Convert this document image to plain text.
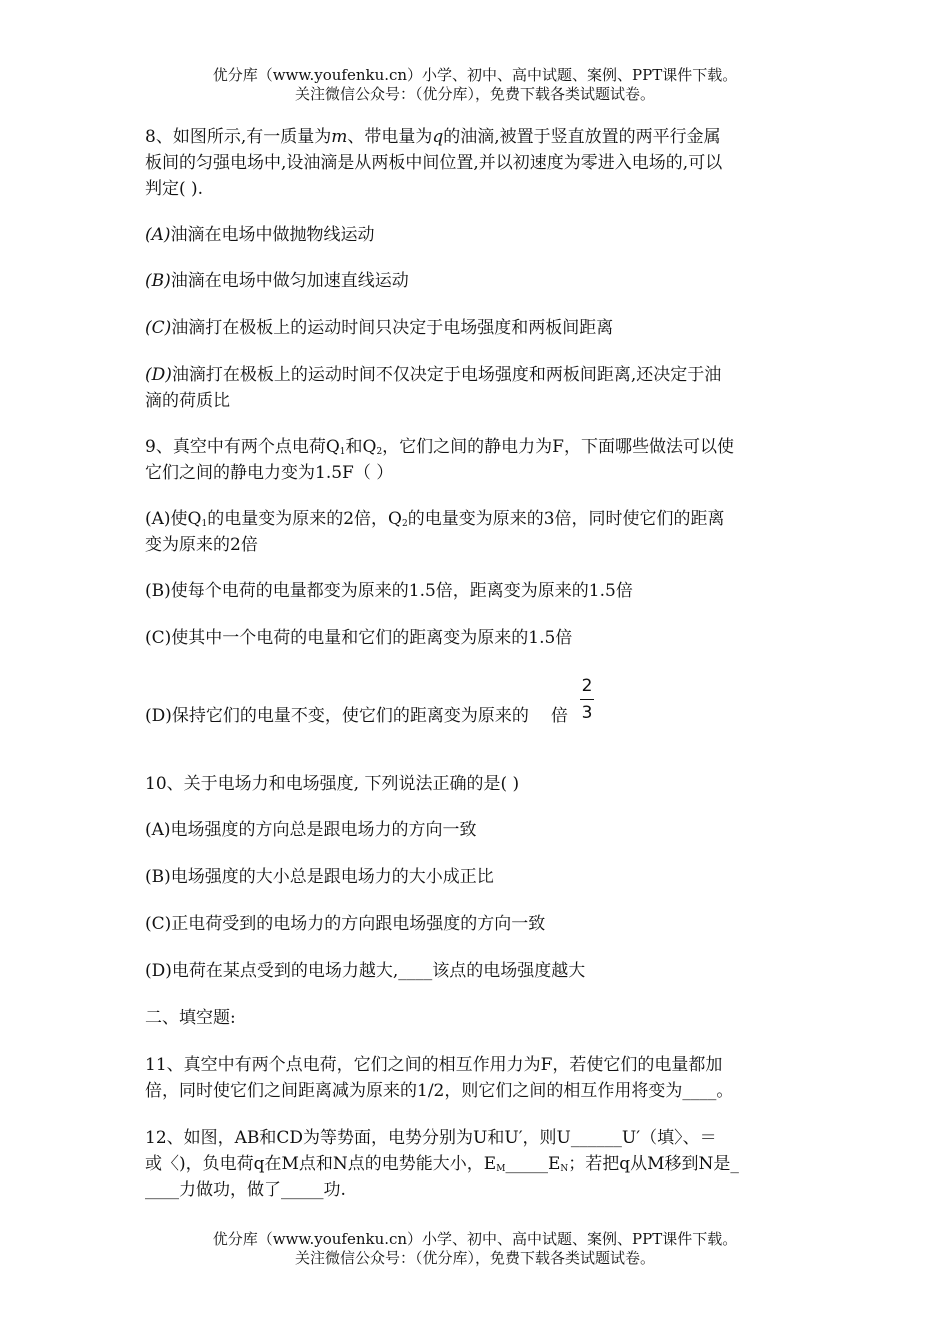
优分库（www.youfenku.cn）小学、初中、高中试题、案例、PPT课件下载。
关注微信公众号：（优分库），免费下载各类试题试卷。
8、如图所示,有一质量为m、带电量为q的油滴,被置于竖直放置的两平行金属
板间的匀强电场中,设油滴是从两板中间位置,并以初速度为零进入电场的,可以
判定( ).
(A)油滴在电场中做抛物线运动
(B)油滴在电场中做匀加速直线运动
(C)油滴打在极板上的运动时间只决定于电场强度和两板间距离
(D)油滴打在极板上的运动时间不仅决定于电场强度和两板间距离,还决定于油
滴的荷质比
9、真空中有两个点电荷$Q_1$和$Q_2$，它们之间的静电力为F，下面哪些做法可以使
它们之间的静电力变为1.5F（ ）
(A)使$Q_1$的电量变为原来的2倍，$Q_2$的电量变为原来的3倍，同时使它们的距离
变为原来的2倍
(B)使每个电荷的电量都变为原来的1.5倍，距离变为原来的1.5倍
(C)使其中一个电荷的电量和它们的距离变为原来的1.5倍
(D)保持它们的电量不变，使它们的距离变为原来的 倍
2
3
10、关于电场力和电场强度, 下列说法正确的是( )
(A)电场强度的方向总是跟电场力的方向一致
(B)电场强度的大小总是跟电场力的大小成正比
(C)正电荷受到的电场力的方向跟电场强度的方向一致
(D)电荷在某点受到的电场力越大,____该点的电场强度越大
二、填空题:
11、真空中有两个点电荷，它们之间的相互作用力为F，若使它们的电量都加
倍，同时使它们之间距离减为原来的1/2，则它们之间的相互作用将变为____。
12、如图，AB和CD为等势面，电势分别为U和U′，则U______U′（填〉、＝
或〈)，负电荷q在M点和N点的电势能大小，$E_M\_\_\_\_\_E_N$；若把q从M移到N是_
____力做功，做了_____功.
优分库（www.youfenku.cn）小学、初中、高中试题、案例、PPT课件下载。
关注微信公众号：（优分库），免费下载各类试题试卷。
